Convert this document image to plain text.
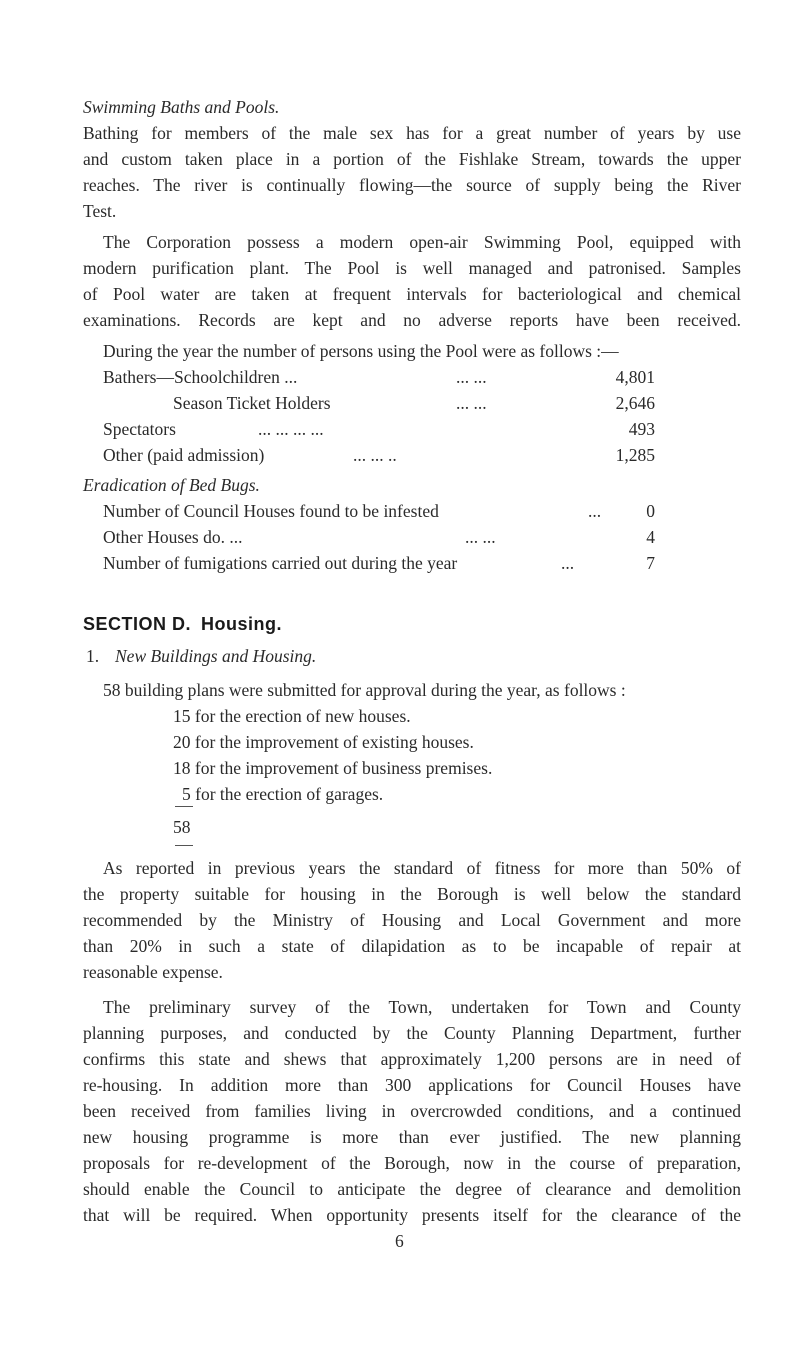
Swimming Baths and Pools.
Bathing for members of the male sex has for a great number of years by use
and custom taken place in a portion of the Fishlake Stream, towards the upper
reaches. The river is continually flowing—the source of supply being the River
Test.
The Corporation possess a modern open-air Swimming Pool, equipped with
modern purification plant. The Pool is well managed and patronised. Samples
of Pool water are taken at frequent intervals for bacteriological and chemical
examinations. Records are kept and no adverse reports have been received.
During the year the number of persons using the Pool were as follows :—
Bathers—Schoolchildren ...	... ...	4,801
Season Ticket Holders	... ...	2,646
Spectators	... ... ... ...	493
Other (paid admission)	... ... ..	1,285
Eradication of Bed Bugs.
Number of Council Houses found to be infested	...	0
Other Houses do. ...	... ...	4
Number of fumigations carried out during the year	...	7
SECTION D. Housing.
1. New Buildings and Housing.
58 building plans were submitted for approval during the year, as follows :
15 for the erection of new houses.
20 for the improvement of existing houses.
18 for the improvement of business premises.
5 for the erection of garages.
58
As reported in previous years the standard of fitness for more than 50% of
the property suitable for housing in the Borough is well below the standard
recommended by the Ministry of Housing and Local Government and more
than 20% in such a state of dilapidation as to be incapable of repair at
reasonable expense.
The preliminary survey of the Town, undertaken for Town and County
planning purposes, and conducted by the County Planning Department, further
confirms this state and shews that approximately 1,200 persons are in need of
re-housing. In addition more than 300 applications for Council Houses have
been received from families living in overcrowded conditions, and a continued
new housing programme is more than ever justified. The new planning
proposals for re-development of the Borough, now in the course of preparation,
should enable the Council to anticipate the degree of clearance and demolition
that will be required. When opportunity presents itself for the clearance of the
6
